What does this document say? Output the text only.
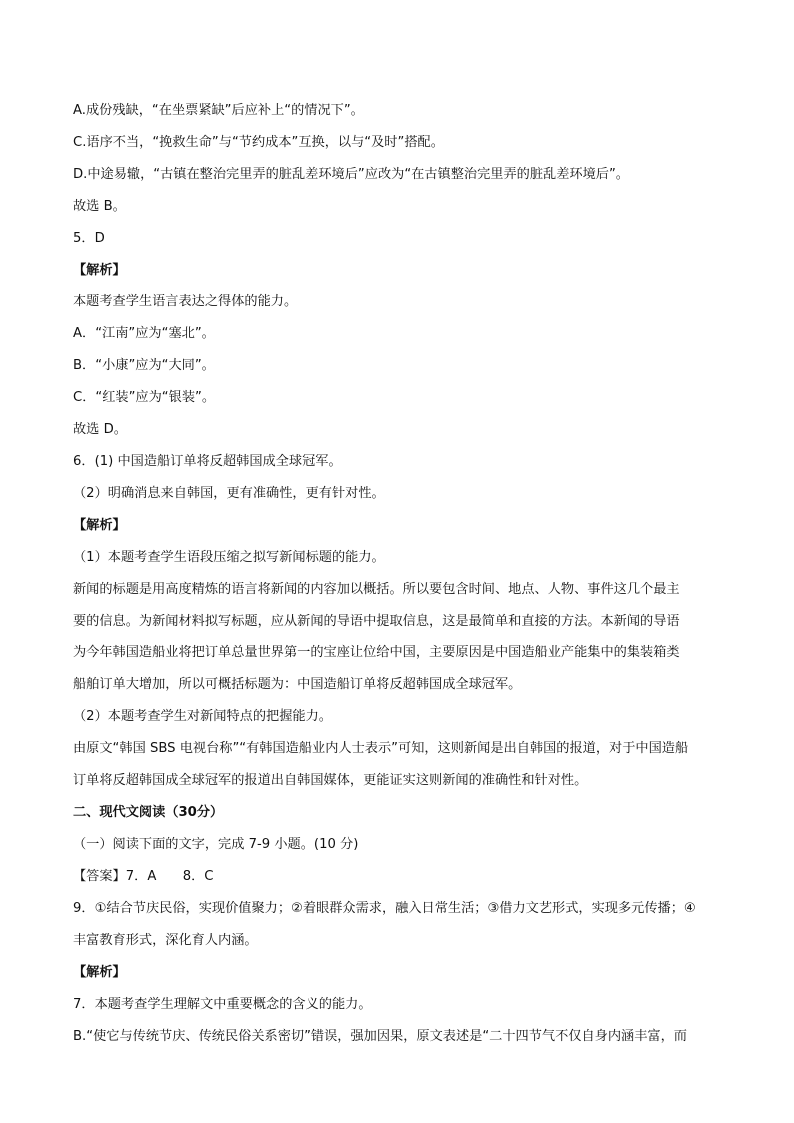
A.成份残缺，“在坐票紧缺”后应补上“的情况下”。
C.语序不当，“挽救生命”与“节约成本”互换，以与“及时”搭配。
D.中途易辙，“古镇在整治完里弄的脏乱差环境后”应改为“在古镇整治完里弄的脏乱差环境后”。
故选 B。
5．D
【解析】
本题考查学生语言表达之得体的能力。
A．“江南”应为“塞北”。
B．“小康”应为“大同”。
C．“红装”应为“银装”。
故选 D。
6．(1) 中国造船订单将反超韩国成全球冠军。
（2）明确消息来自韩国，更有准确性，更有针对性。
【解析】
（1）本题考查学生语段压缩之拟写新闻标题的能力。
新闻的标题是用高度精炼的语言将新闻的内容加以概括。所以要包含时间、地点、人物、事件这几个最主
要的信息。为新闻材料拟写标题，应从新闻的导语中提取信息，这是最简单和直接的方法。本新闻的导语
为今年韩国造船业将把订单总量世界第一的宝座让位给中国，主要原因是中国造船业产能集中的集装箱类
船舶订单大增加，所以可概括标题为：中国造船订单将反超韩国成全球冠军。
（2）本题考查学生对新闻特点的把握能力。
由原文“韩国 SBS 电视台称”“有韩国造船业内人士表示”可知，这则新闻是出自韩国的报道，对于中国造船
订单将反超韩国成全球冠军的报道出自韩国媒体，更能证实这则新闻的准确性和针对性。
二、现代文阅读（30分）
（一）阅读下面的文字，完成 7-9 小题。(10 分)
【答案】7．A　　8．C
9．①结合节庆民俗，实现价值聚力；②着眼群众需求，融入日常生活；③借力文艺形式，实现多元传播；④
丰富教育形式，深化育人内涵。
【解析】
7．本题考查学生理解文中重要概念的含义的能力。
B.“使它与传统节庆、传统民俗关系密切”错误，强加因果，原文表述是“二十四节气不仅自身内涵丰富，而
